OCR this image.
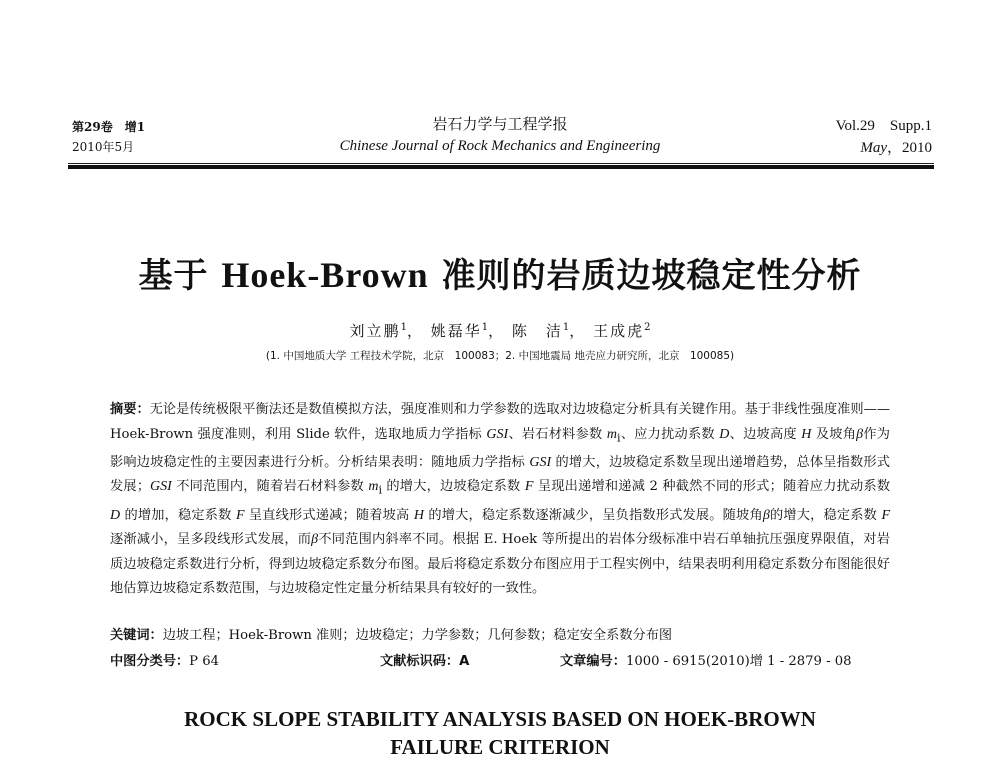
第29卷　增1
2010年5月
岩石力学与工程学报
Chinese Journal of Rock Mechanics and Engineering
Vol.29　Supp.1
May，2010
基于 Hoek-Brown 准则的岩质边坡稳定性分析
刘立鹏$^1$， 姚磊华$^1$， 陈　洁$^1$， 王成虎$^2$
(1. 中国地质大学 工程技术学院，北京　100083；2. 中国地震局 地壳应力研究所，北京　100085)
摘要：无论是传统极限平衡法还是数值模拟方法，强度准则和力学参数的选取对边坡稳定分析具有关键作用。基于非线性强度准则——Hoek-Brown 强度准则，利用 Slide 软件，选取地质力学指标 GSI、岩石材料参数 $m_i$、应力扰动系数 D、边坡高度 H 及坡角β作为影响边坡稳定性的主要因素进行分析。分析结果表明：随地质力学指标 GSI 的增大，边坡稳定系数呈现出递增趋势，总体呈指数形式发展；GSI 不同范围内，随着岩石材料参数 $m_i$ 的增大，边坡稳定系数 F 呈现出递增和递减 2 种截然不同的形式；随着应力扰动系数 D 的增加，稳定系数 F 呈直线形式递减；随着坡高 H 的增大，稳定系数逐渐减少，呈负指数形式发展。随坡角β的增大，稳定系数 F 逐渐减小，呈多段线形式发展，而β不同范围内斜率不同。根据 E. Hoek 等所提出的岩体分级标准中岩石单轴抗压强度界限值，对岩质边坡稳定系数进行分析，得到边坡稳定系数分布图。最后将稳定系数分布图应用于工程实例中，结果表明利用稳定系数分布图能很好地估算边坡稳定系数范围，与边坡稳定性定量分析结果具有较好的一致性。
关键词：边坡工程；Hoek-Brown 准则；边坡稳定；力学参数；几何参数；稳定安全系数分布图
中图分类号：P 64	文献标识码：A	文章编号：1000 - 6915(2010)增 1 - 2879 - 08
ROCK SLOPE STABILITY ANALYSIS BASED ON HOEK-BROWN
FAILURE CRITERION
